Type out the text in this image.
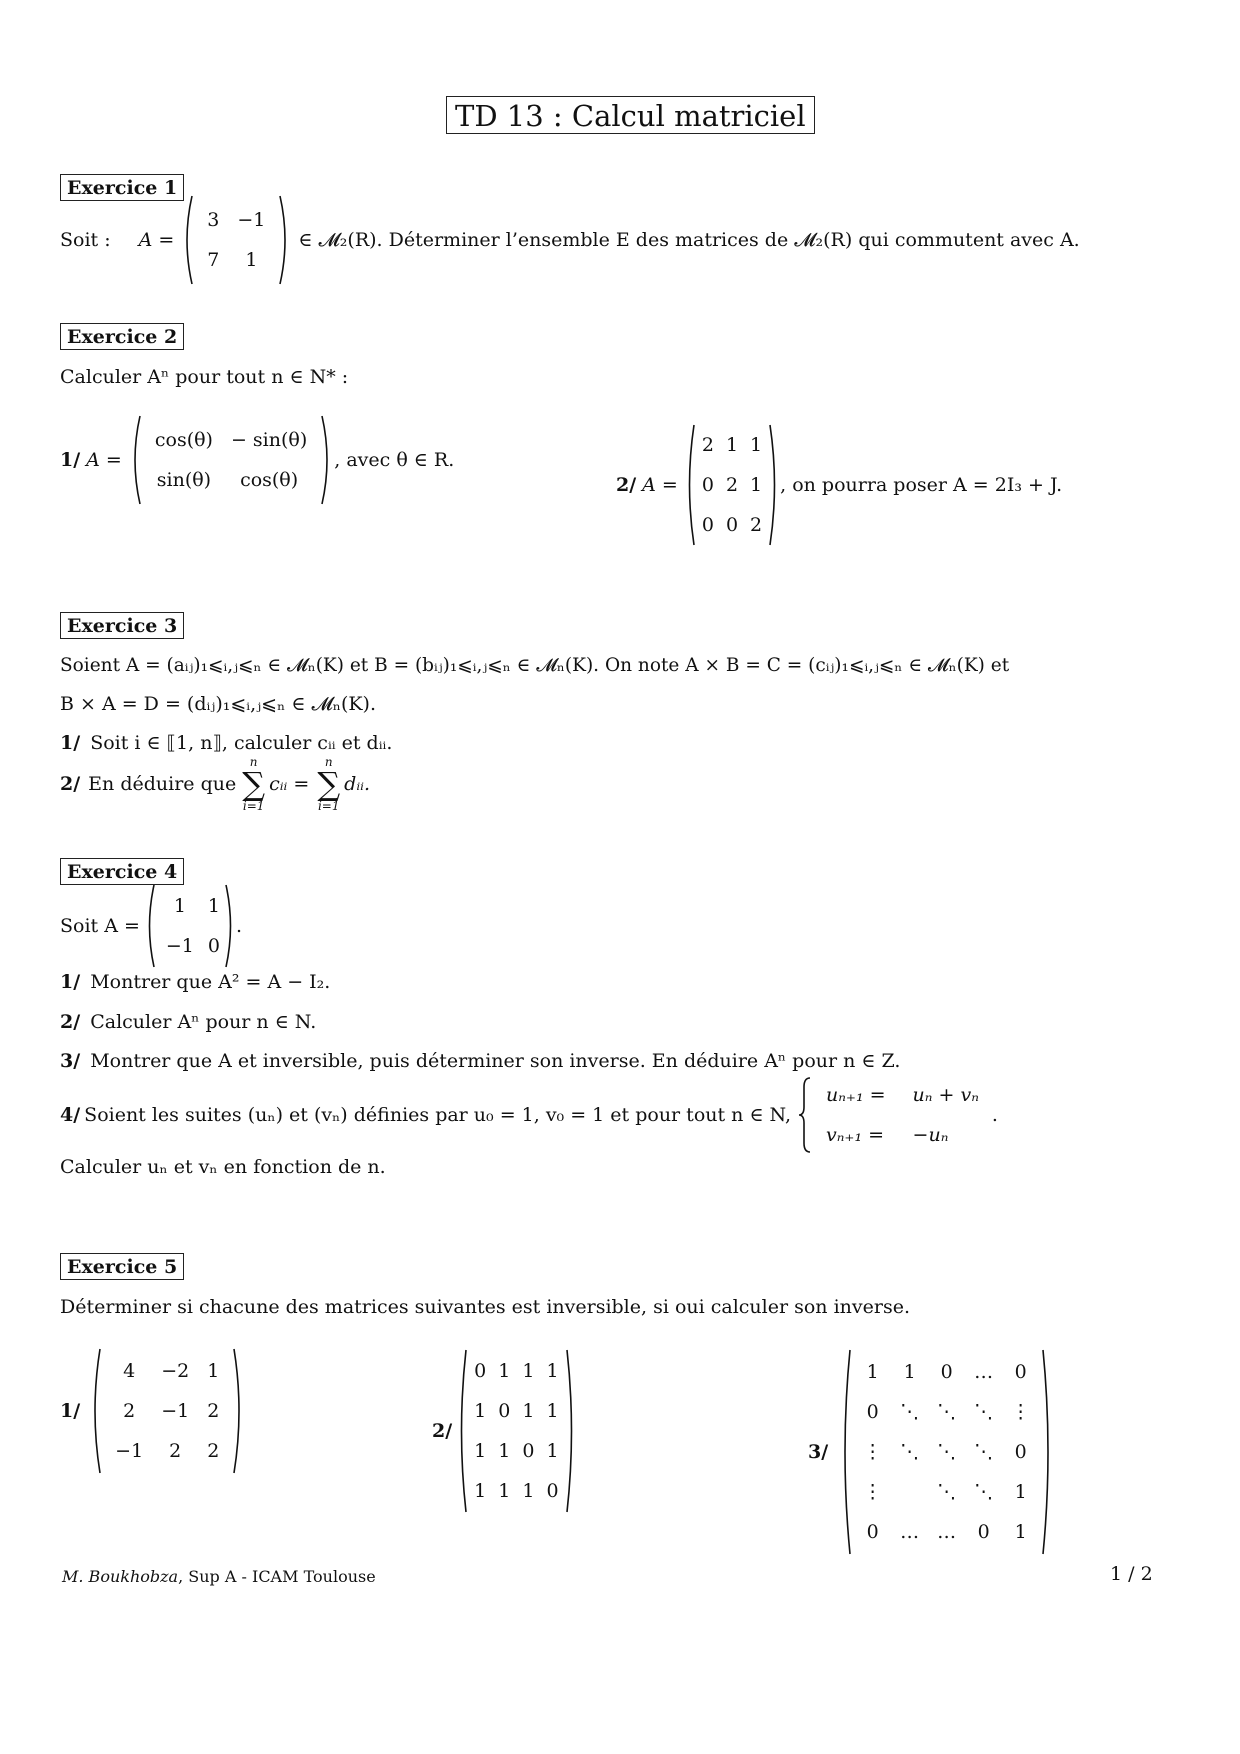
TD 13 : Calcul matriciel
Exercice 1
Soit : A =
3	−1
7	1
∈ 𝓜₂(R). Déterminer l’ensemble E des matrices de 𝓜₂(R) qui commutent avec A.
Exercice 2
Calculer Aⁿ pour tout n ∈ N* :
1/ A =
cos(θ)	− sin(θ)
sin(θ)	cos(θ)
, avec θ ∈ R.
2/ A =
2	1	1
0	2	1
0	0	2
, on pourra poser A = 2I₃ + J.
Exercice 3
Soient A = (aᵢⱼ)₁⩽ᵢ,ⱼ⩽ₙ ∈ 𝓜ₙ(K) et B = (bᵢⱼ)₁⩽ᵢ,ⱼ⩽ₙ ∈ 𝓜ₙ(K). On note A × B = C = (cᵢⱼ)₁⩽ᵢ,ⱼ⩽ₙ ∈ 𝓜ₙ(K) et
B × A = D = (dᵢⱼ)₁⩽ᵢ,ⱼ⩽ₙ ∈ 𝓜ₙ(K).
1/ Soit i ∈ ⟦1, n⟧, calculer cᵢᵢ et dᵢᵢ.
2/ En déduire que
n
∑
i=1
cᵢᵢ =
n
∑
i=1
dᵢᵢ.
Exercice 4
Soit A =
1	1
−1	0
.
1/ Montrer que A² = A − I₂.
2/ Calculer Aⁿ pour n ∈ N.
3/ Montrer que A et inversible, puis déterminer son inverse. En déduire Aⁿ pour n ∈ Z.
4/ Soient les suites (uₙ) et (vₙ) définies par u₀ = 1, v₀ = 1 et pour tout n ∈ N,
uₙ₊₁ =	uₙ + vₙ
vₙ₊₁ =	−uₙ
.
Calculer uₙ et vₙ en fonction de n.
Exercice 5
Déterminer si chacune des matrices suivantes est inversible, si oui calculer son inverse.
1/
4	−2	1
2	−1	2
−1	2	2
2/
0	1	1	1
1	0	1	1
1	1	0	1
1	1	1	0
3/
1	1	0	…	0
0	⋱	⋱	⋱	⋮
⋮	⋱	⋱	⋱	0
⋮		⋱	⋱	1
0	…	…	0	1
M. Boukhobza, Sup A - ICAM Toulouse	1 / 2
